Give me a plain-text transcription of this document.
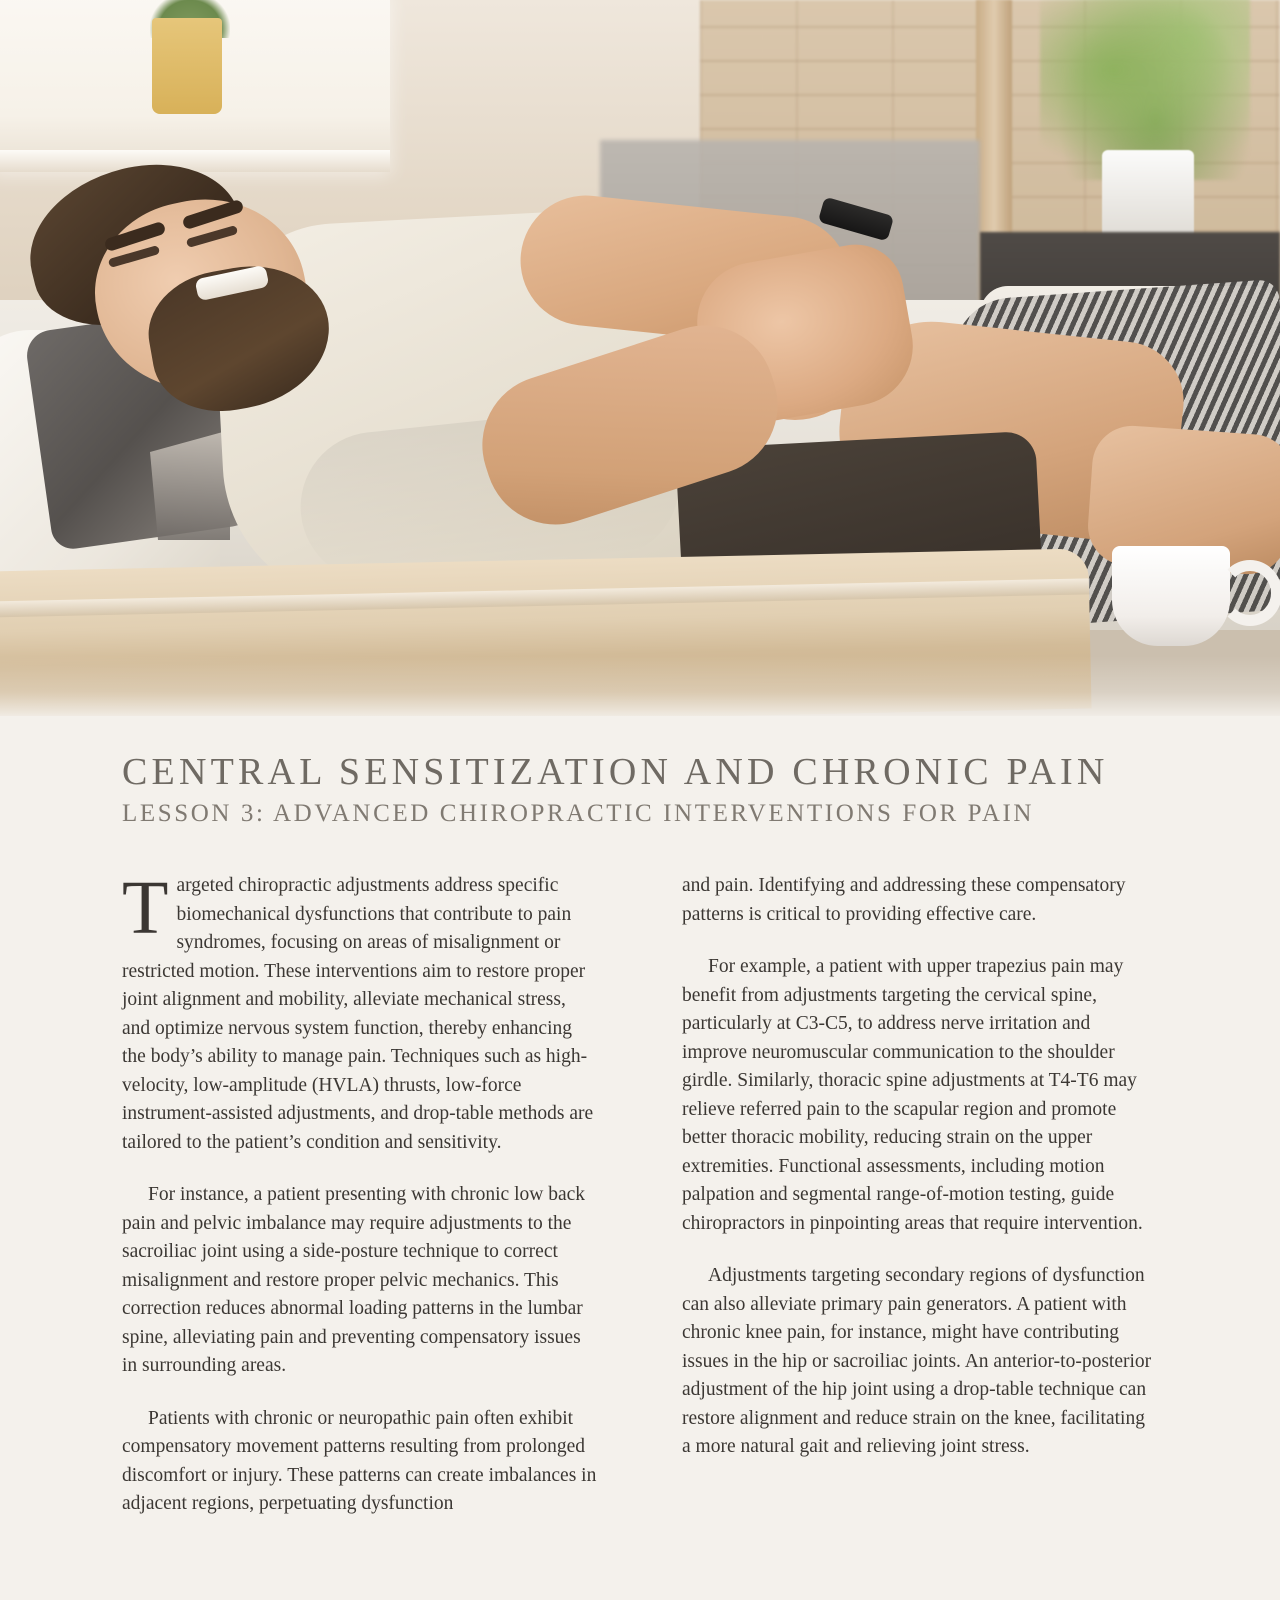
CENTRAL SENSITIZATION AND CHRONIC PAIN
LESSON 3: ADVANCED CHIROPRACTIC INTERVENTIONS FOR PAIN

Targeted chiropractic adjustments address specific biomechanical dysfunctions that contribute to pain syndromes, focusing on areas of misalignment or restricted motion. These interventions aim to restore proper joint alignment and mobility, alleviate mechanical stress, and optimize nervous system function, thereby enhancing the body’s ability to manage pain. Techniques such as high-velocity, low-amplitude (HVLA) thrusts, low-force instrument-assisted adjustments, and drop-table methods are tailored to the patient’s condition and sensitivity.

For instance, a patient presenting with chronic low back pain and pelvic imbalance may require adjustments to the sacroiliac joint using a side-posture technique to correct misalignment and restore proper pelvic mechanics. This correction reduces abnormal loading patterns in the lumbar spine, alleviating pain and preventing compensatory issues in surrounding areas.

Patients with chronic or neuropathic pain often exhibit compensatory movement patterns resulting from prolonged discomfort or injury. These patterns can create imbalances in adjacent regions, perpetuating dysfunction

and pain. Identifying and addressing these compensatory patterns is critical to providing effective care.

For example, a patient with upper trapezius pain may benefit from adjustments targeting the cervical spine, particularly at C3-C5, to address nerve irritation and improve neuromuscular communication to the shoulder girdle. Similarly, thoracic spine adjustments at T4-T6 may relieve referred pain to the scapular region and promote better thoracic mobility, reducing strain on the upper extremities. Functional assessments, including motion palpation and segmental range-of-motion testing, guide chiropractors in pinpointing areas that require intervention.

Adjustments targeting secondary regions of dysfunction can also alleviate primary pain generators. A patient with chronic knee pain, for instance, might have contributing issues in the hip or sacroiliac joints. An anterior-to-posterior adjustment of the hip joint using a drop-table technique can restore alignment and reduce strain on the knee, facilitating a more natural gait and relieving joint stress.
